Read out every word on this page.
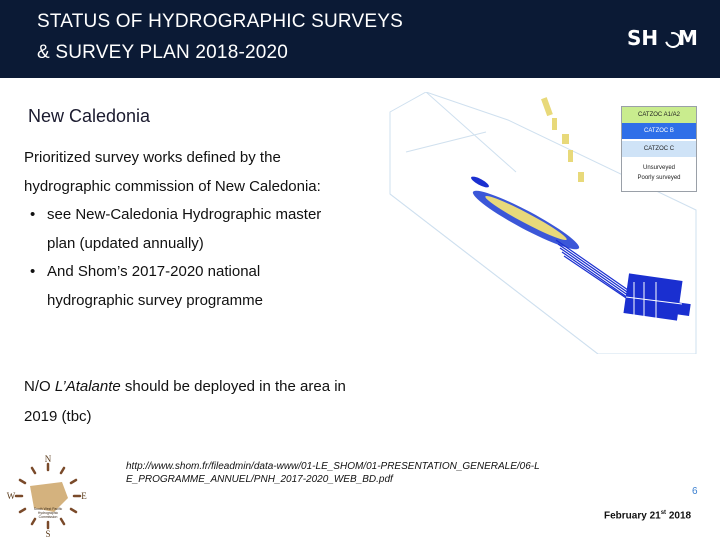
STATUS OF HYDROGRAPHIC SURVEYS
& SURVEY PLAN 2018-2020
SH M
New Caledonia

Prioritized survey works defined by the hydrographic commission of New Caledonia:

• see New-Caledonia Hydrographic master plan (updated annually)
• And Shom’s 2017-2020 national hydrographic survey programme
N/O L’Atalante should be deployed in the area in 2019 (tbc)
CATZOC A1/A2
CATZOC B
CATZOC C
Unsurveyed
Poorly surveyed
N
S
E
W
South West Pacific
Hydrographic
Commission
http://www.shom.fr/fileadmin/data-www/01-LE_SHOM/01-PRESENTATION_GENERALE/06-LE_PROGRAMME_ANNUEL/PNH_2017-2020_WEB_BD.pdf
6
February 21st 2018
